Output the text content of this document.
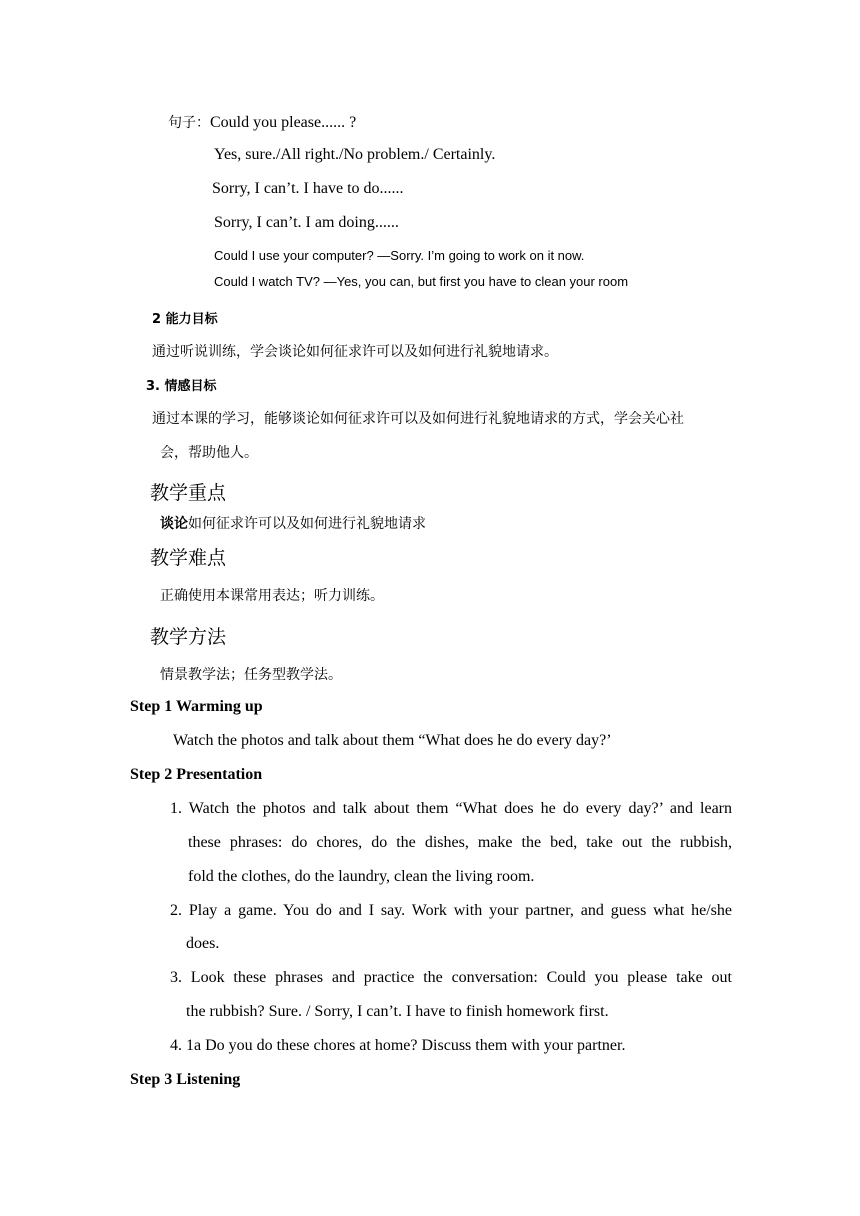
句子：Could you please...... ?
Yes, sure./All right./No problem./ Certainly.
Sorry, I can’t. I have to do......
Sorry, I can’t. I am doing......
Could I use your computer? —Sorry. I’m going to work on it now.
Could I watch TV? —Yes, you can, but first you have to clean your room
2 能力目标
通过听说训练，学会谈论如何征求许可以及如何进行礼貌地请求。
3. 情感目标
通过本课的学习，能够谈论如何征求许可以及如何进行礼貌地请求的方式，学会关心社
会，帮助他人。
教学重点
谈论如何征求许可以及如何进行礼貌地请求
教学难点
正确使用本课常用表达；听力训练。
教学方法
情景教学法；任务型教学法。
Step 1 Warming up
Watch the photos and talk about them “What does he do every day?’
Step 2 Presentation
1. Watch the photos and talk about them “What does he do every day?’ and learn
these phrases: do chores, do the dishes, make the bed, take out the rubbish,
fold the clothes, do the laundry, clean the living room.
2. Play a game. You do and I say. Work with your partner, and guess what he/she
does.
3. Look these phrases and practice the conversation: Could you please take out
the rubbish? Sure. / Sorry, I can’t. I have to finish homework first.
4. 1a Do you do these chores at home? Discuss them with your partner.
Step 3 Listening
